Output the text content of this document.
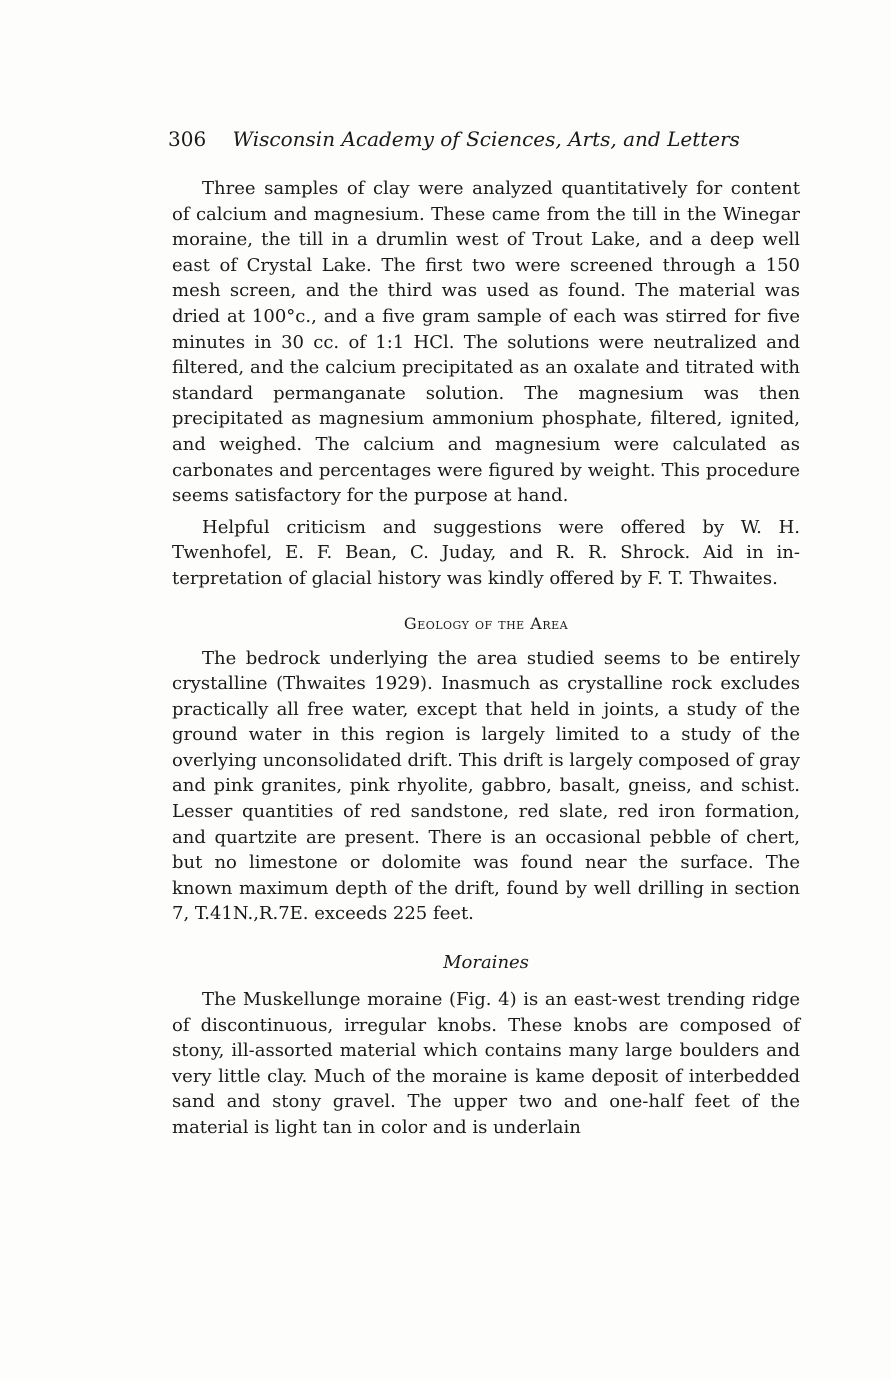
306 Wisconsin Academy of Sciences, Arts, and Letters

Three samples of clay were analyzed quantitatively for content of calcium and magnesium. These came from the till in the Winegar moraine, the till in a drumlin west of Trout Lake, and a deep well east of Crystal Lake. The first two were screened through a 150 mesh screen, and the third was used as found. The material was dried at 100°c., and a five gram sample of each was stirred for five minutes in 30 cc. of 1:1 HCl. The solutions were neutralized and filtered, and the calcium precipitated as an oxalate and titrated with standard permanganate solution. The magnesium was then precipitated as magnesium ammonium phosphate, filtered, ignited, and weighed. The calcium and magnesium were calculated as carbonates and percentages were figured by weight. This procedure seems satisfactory for the purpose at hand.

Helpful criticism and suggestions were offered by W. H. Twenhofel, E. F. Bean, C. Juday, and R. R. Shrock. Aid in interpretation of glacial history was kindly offered by F. T. Thwaites.

Geology of the Area

The bedrock underlying the area studied seems to be entirely crystalline (Thwaites 1929). Inasmuch as crystalline rock excludes practically all free water, except that held in joints, a study of the ground water in this region is largely limited to a study of the overlying unconsolidated drift. This drift is largely composed of gray and pink granites, pink rhyolite, gabbro, basalt, gneiss, and schist. Lesser quantities of red sandstone, red slate, red iron formation, and quartzite are present. There is an occasional pebble of chert, but no limestone or dolomite was found near the surface. The known maximum depth of the drift, found by well drilling in section 7, T.41N.,R.7E. exceeds 225 feet.

Moraines

The Muskellunge moraine (Fig. 4) is an east-west trending ridge of discontinuous, irregular knobs. These knobs are composed of stony, ill-assorted material which contains many large boulders and very little clay. Much of the moraine is kame deposit of interbedded sand and stony gravel. The upper two and one-half feet of the material is light tan in color and is underlain
